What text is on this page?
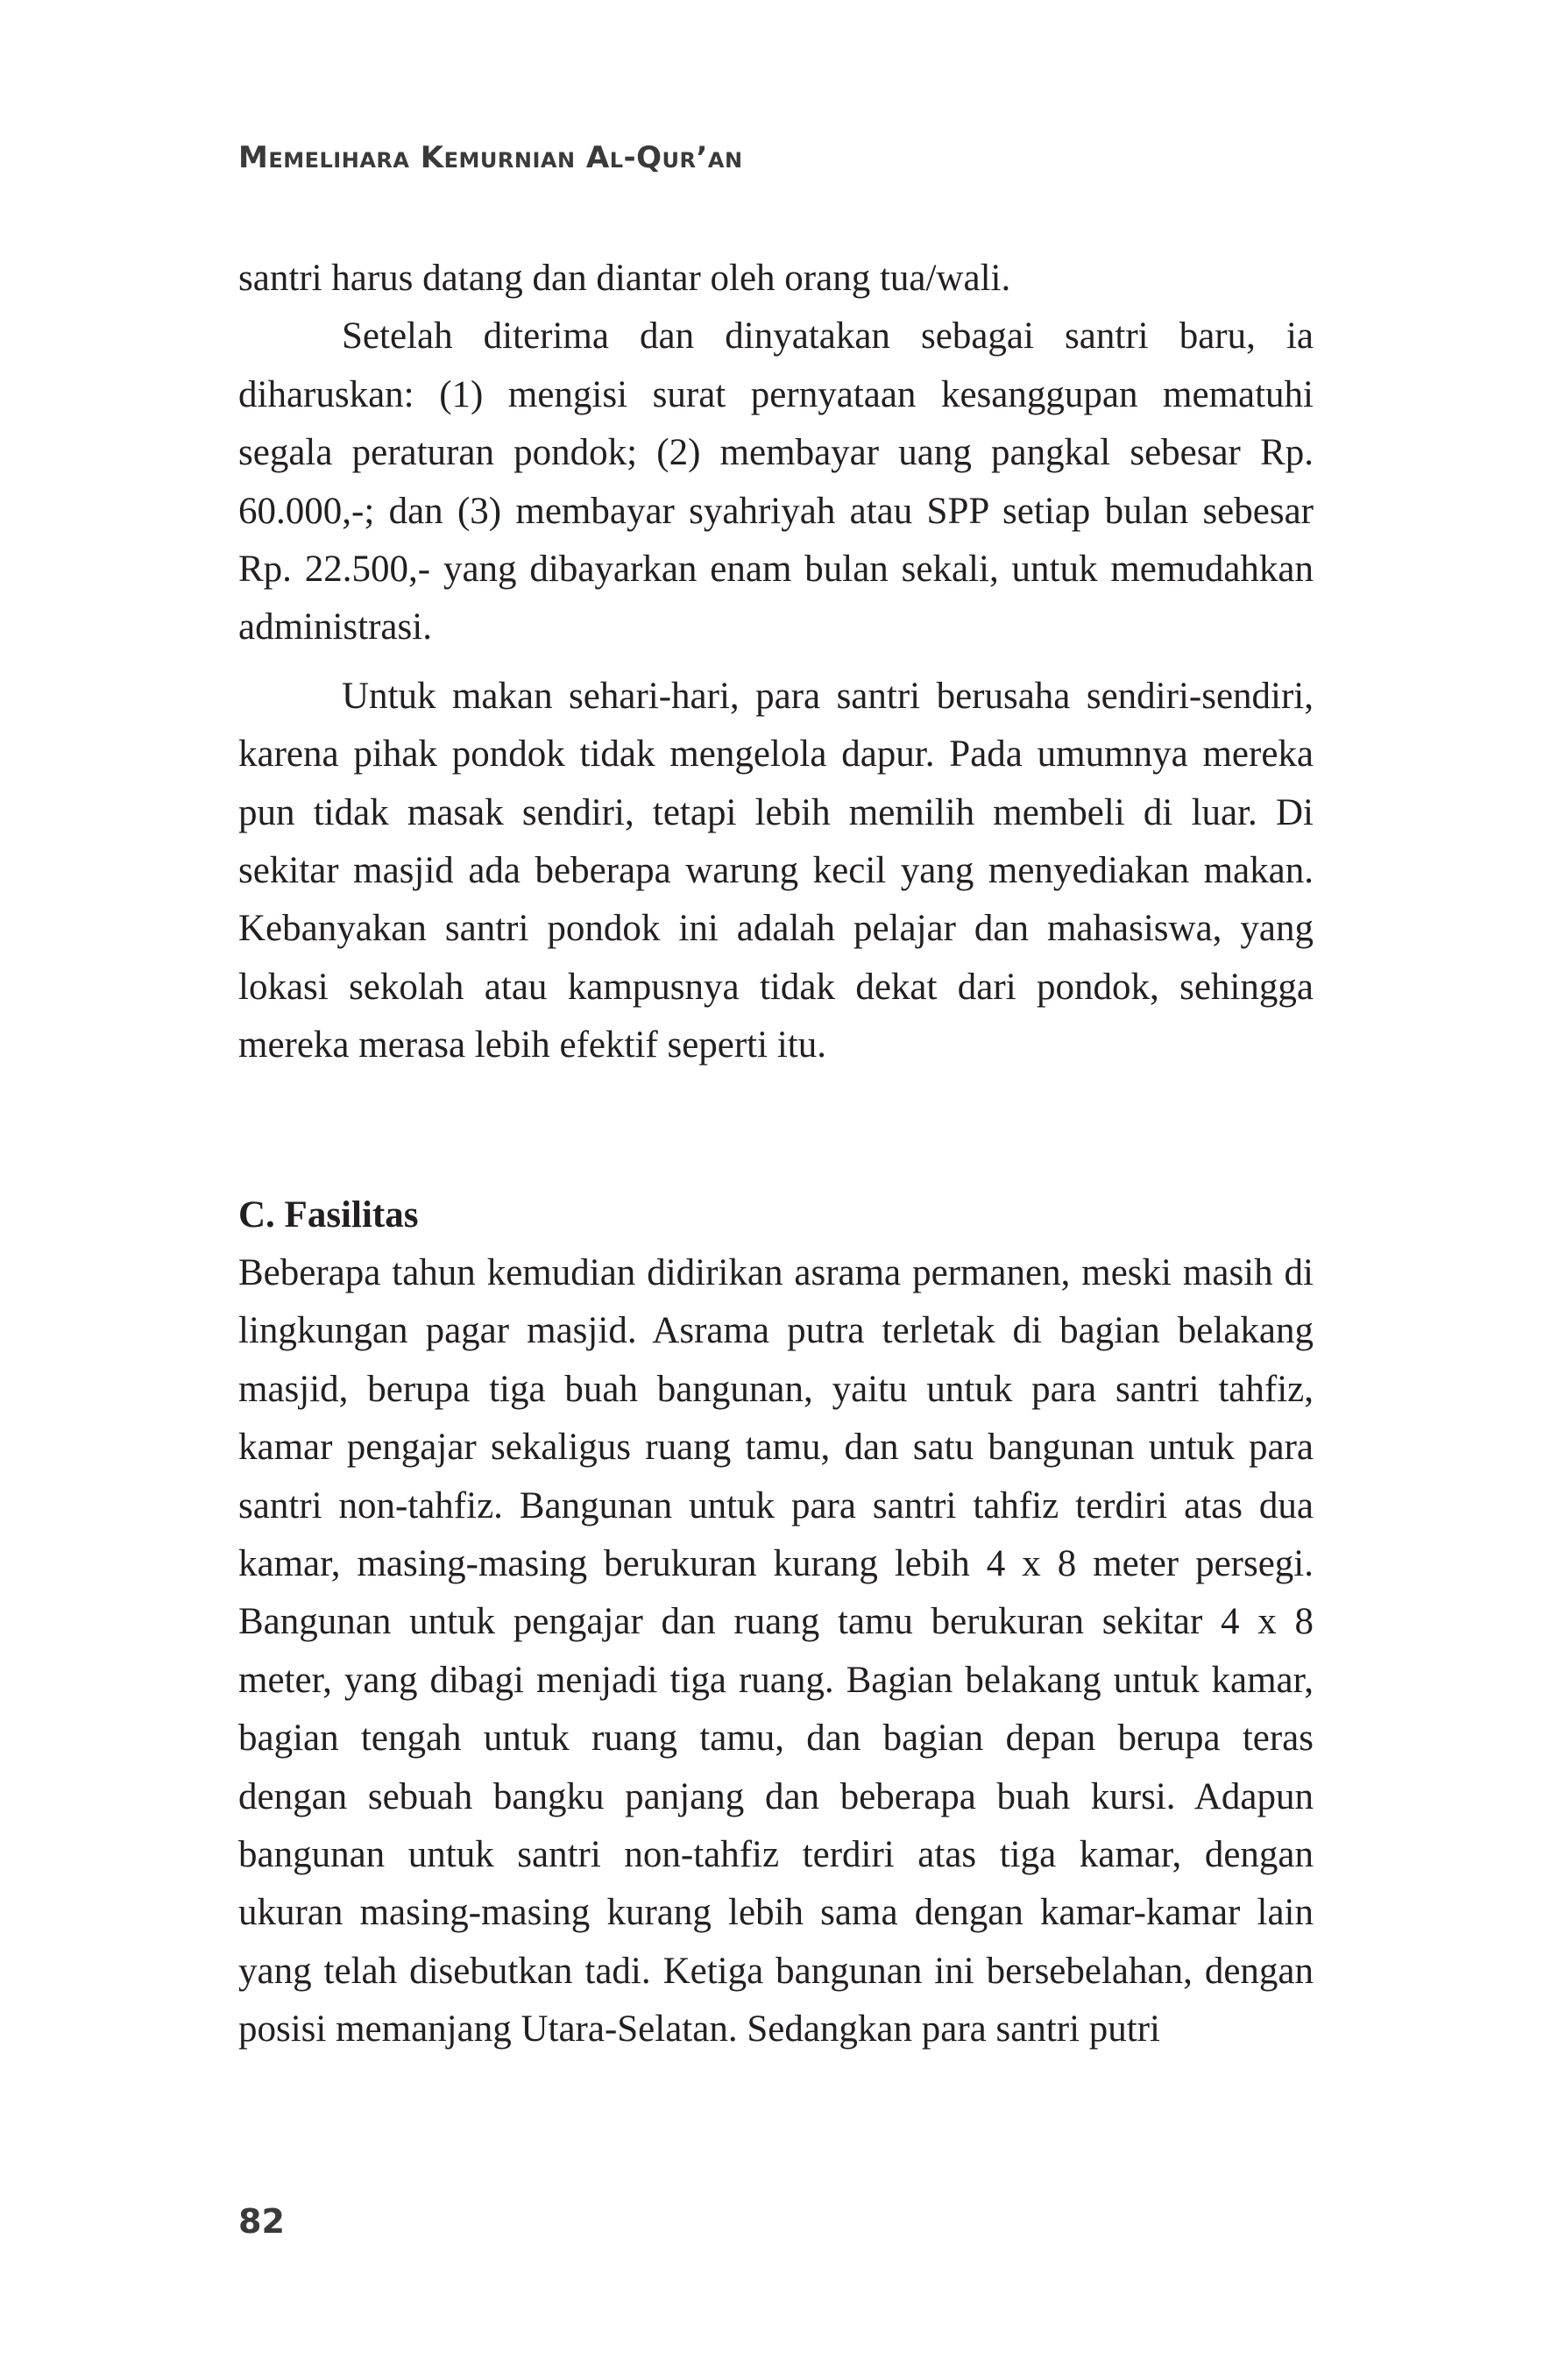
Memelihara Kemurnian Al-Qur’an

santri harus datang dan diantar oleh orang tua/wali.

Setelah diterima dan dinyatakan sebagai santri baru, ia diharuskan: (1) mengisi surat pernyataan kesanggupan mematuhi segala peraturan pondok; (2) membayar uang pangkal sebesar Rp. 60.000,-; dan (3) membayar syahriyah atau SPP setiap bulan sebesar Rp. 22.500,- yang dibayarkan enam bulan sekali, untuk memudahkan administrasi.

Untuk makan sehari-hari, para santri berusaha sendiri-sendiri, karena pihak pondok tidak mengelola dapur. Pada umumnya mereka pun tidak masak sendiri, tetapi lebih memilih membeli di luar. Di sekitar masjid ada beberapa warung kecil yang menyediakan makan. Kebanyakan santri pondok ini adalah pelajar dan mahasiswa, yang lokasi sekolah atau kampusnya tidak dekat dari pondok, sehingga mereka merasa lebih efektif seperti itu.

C. Fasilitas

Beberapa tahun kemudian didirikan asrama permanen, meski masih di lingkungan pagar masjid. Asrama putra terletak di bagian belakang masjid, berupa tiga buah bangunan, yaitu untuk para santri tahfiz, kamar pengajar sekaligus ruang tamu, dan satu bangunan untuk para santri non-tahfiz. Bangunan untuk para santri tahfiz terdiri atas dua kamar, masing-masing berukuran kurang lebih 4 x 8 meter persegi. Bangunan untuk pengajar dan ruang tamu berukuran sekitar 4 x 8 meter, yang dibagi menjadi tiga ruang. Bagian belakang untuk kamar, bagian tengah untuk ruang tamu, dan bagian depan berupa teras dengan sebuah bangku panjang dan beberapa buah kursi. Adapun bangunan untuk santri non-tahfiz terdiri atas tiga kamar, dengan ukuran masing-masing kurang lebih sama dengan kamar-kamar lain yang telah disebutkan tadi. Ketiga bangunan ini bersebelahan, dengan posisi memanjang Utara-Selatan. Sedangkan para santri putri

82
